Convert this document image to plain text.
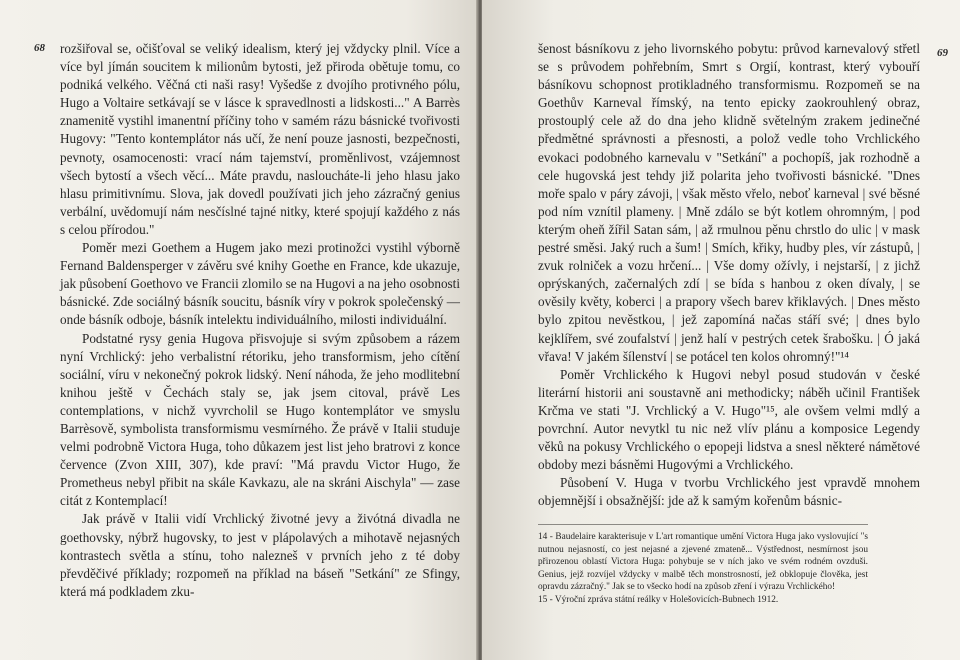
68 rozšiřoval se, očišťoval se veliký idealism, který jej vždycky plnil. Více a více byl jímán soucitem k milionům bytosti, jež přiroda obětuje tomu, co podniká velkého. Věčná cti naši rasy! Vyšedše z dvojího protivného pólu, Hugo a Voltaire setkávají se v lásce k spravedlnosti a lidskosti..." A Barrès znamenitě vystihl imanentní příčiny toho v samém rázu básnické tvořivosti Hugovy: "Tento kontemplátor nás učí, že není pouze jasnosti, bezpečnosti, pevnoty, osamocenosti: vrací nám tajemství, proměnlivost, vzájemnost všech bytostí a všech věcí... Máte pravdu, nasloucháte-li jeho hlasu jako hlasu primitivnímu. Slova, jak dovedl používati jich jeho zázračný genius verbální, uvědomují nám nesčíslné tajné nitky, které spojují každého z nás s celou přírodou."

Poměr mezi Goethem a Hugem jako mezi protinožci vystihl výborně Fernand Baldensperger v závěru své knihy Goethe en France, kde ukazuje, jak působení Goethovo ve Francii zlomilo se na Hugovi a na jeho osobnosti básnické. Zde sociálný básník soucitu, básník víry v pokrok společenský — onde básník odboje, básník intelektu individuálního, milosti individuální.

Podstatné rysy genia Hugova přisvojuje si svým způsobem a rázem nyní Vrchlický: jeho verbalistní rétoriku, jeho transformism, jeho cítění sociální, víru v nekonečný pokrok lidský. Není náhoda, že jeho modlitební knihou ještě v Čechách staly se, jak jsem citoval, právě Les contemplations, v nichž vyvrcholil se Hugo kontemplátor ve smyslu Barrèsově, symbolista transformismu vesmírného. Že právě v Italii studuje velmi podrobně Victora Huga, toho důkazem jest list jeho bratrovi z konce července (Zvon XIII, 307), kde praví: "Má pravdu Victor Hugo, že Prometheus nebyl přibit na skále Kavkazu, ale na skráni Aischyla" — zase citát z Kontemplací!

Jak právě v Italii vidí Vrchlický životné jevy a živótná divadla ne goethovsky, nýbrž hugovsky, to jest v plápolavých a mihotavě nejasných kontrastech světla a stínu, toho nalezneš v prvních jeho z té doby převděčivé příklady; rozpomeň na příklad na báseň "Setkání" ze Sfingy, která má podkladem zku-

69

šenost básníkovu z jeho livornského pobytu: průvod karnevalový střetl se s průvodem pohřebním, Smrt s Orgií, kontrast, který vybouří básníkovu schopnost protikladného transformismu. Rozpomeň se na Goethův Karneval římský, na tento epicky zaokrouhlený obraz, prostouplý cele až do dna jeho klidně světelným zrakem jedinečné předmětné správnosti a přesnosti, a polož vedle toho Vrchlického evokaci podobného karnevalu v "Setkání" a pochopíš, jak rozhodně a cele hugovská jest tehdy již polarita jeho tvořivosti básnické. "Dnes moře spalo v páry závoji, | však město vřelo, neboť karneval | své běsné pod ním vznítil plameny. | Mně zdálo se být kotlem ohromným, | pod kterým oheň žířil Satan sám, | až rmulnou pěnu chrstlo do ulic | v mask pestré směsi. Jaký ruch a šum! | Smích, křiky, hudby ples, vír zástupů, | zvuk rolniček a vozu hrčení... | Vše domy ožívly, i nejstarší, | z jichž oprýskaných, začernalých zdí | se bída s hanbou z oken dívaly, | se ověsily květy, koberci | a prapory všech barev křiklavých. | Dnes město bylo zpitou nevěstkou, | jež zapomíná načas stáří své; | dnes bylo kejklířem, své zoufalství | jenž halí v pestrých cetek šrabošku. | Ó jaká vřava! V jakém šílenství | se potácel ten kolos ohromný!"¹⁴

Poměr Vrchlického k Hugovi nebyl posud studován v české literární historii ani soustavně ani methodicky; náběh učinil František Krčma ve stati "J. Vrchlický a V. Hugo"¹⁵, ale ovšem velmi mdlý a povrchní. Autor nevytkl tu nic než vlív plánu a komposice Legendy věků na pokusy Vrchlického o epopeji lidstva a snesl některé námětové obdoby mezi básněmi Hugovými a Vrchlického.

Působení V. Huga v tvorbu Vrchlického jest vpravdě mnohem objemnější i obsažnější: jde až k samým kořenům básnic-

14 - Baudelaire karakterisuje v L'art romantique umění Victora Huga jako vyslovující "s nutnou nejasností, co jest nejasné a zjevené zmateně... Výstřednost, nesmírnost jsou přirozenou oblastí Victora Huga: pohybuje se v ních jako ve svém rodném ovzduši. Genius, jejž rozvíjel vždycky v malbě těch monstrosností, jež obklopuje člověka, jest opravdu zázračný." Jak se to všecko hodí na způsob zření i výrazu Vrchlického!

15 - Výroční zpráva státní reálky v Holešovicích-Bubnech 1912.
